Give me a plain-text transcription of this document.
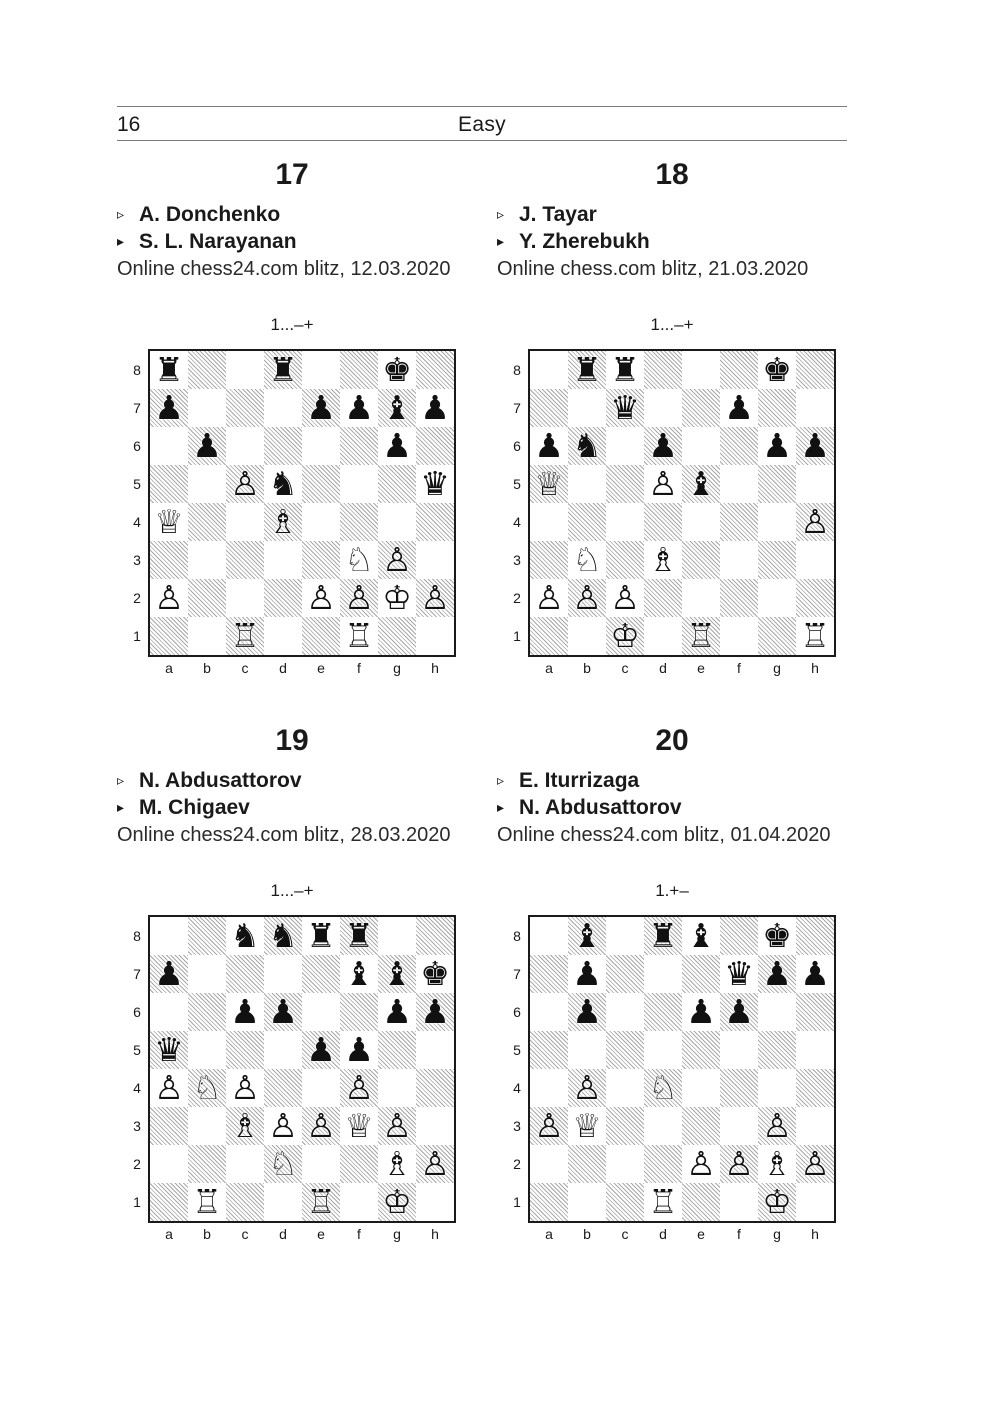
16	Easy
17
▹ A. Donchenko
▸ S. L. Narayanan
Online chess24.com blitz, 12.03.2020
1...–+
8
7
6
5
4
3
2
1
♜	♜	♚
♟	♟ ♟ ♝ ♟
♟	♟
♙ ♞	♛
♕	♗
♘ ♙
♙	♙ ♙ ♔ ♙
♖	♖
a	b	c	d	e	f	g	h
18
▹ J. Tayar
▸ Y. Zherebukh
Online chess.com blitz, 21.03.2020
1...–+
8
7
6
5
4
3
2
1
♜ ♜	♚
♛	♟
♟ ♞ ♟	♟ ♟
♕	♙ ♝
♙
♘ ♗
♙ ♙ ♙
♔ ♖	♖
a	b	c	d	e	f	g	h
19
▹ N. Abdusattorov
▸ M. Chigaev
Online chess24.com blitz, 28.03.2020
1...–+
8
7
6
5
4
3
2
1
♞ ♞ ♜ ♜
♟	♝ ♝ ♚
♟ ♟	♟ ♟
♛	♟ ♟
♙ ♘ ♙	♙
♗ ♙ ♙ ♕ ♙
♘	♗ ♙
♖	♖ ♔
a	b	c	d	e	f	g	h
20
▹ E. Iturrizaga
▸ N. Abdusattorov
Online chess24.com blitz, 01.04.2020
1.+–
8
7
6
5
4
3
2
1
♝ ♜ ♝ ♚
♟	♛ ♟ ♟
♟	♟ ♟
♙ ♘
♙ ♕	♙
♙ ♙ ♗ ♙
♖	♔
a	b	c	d	e	f	g	h
